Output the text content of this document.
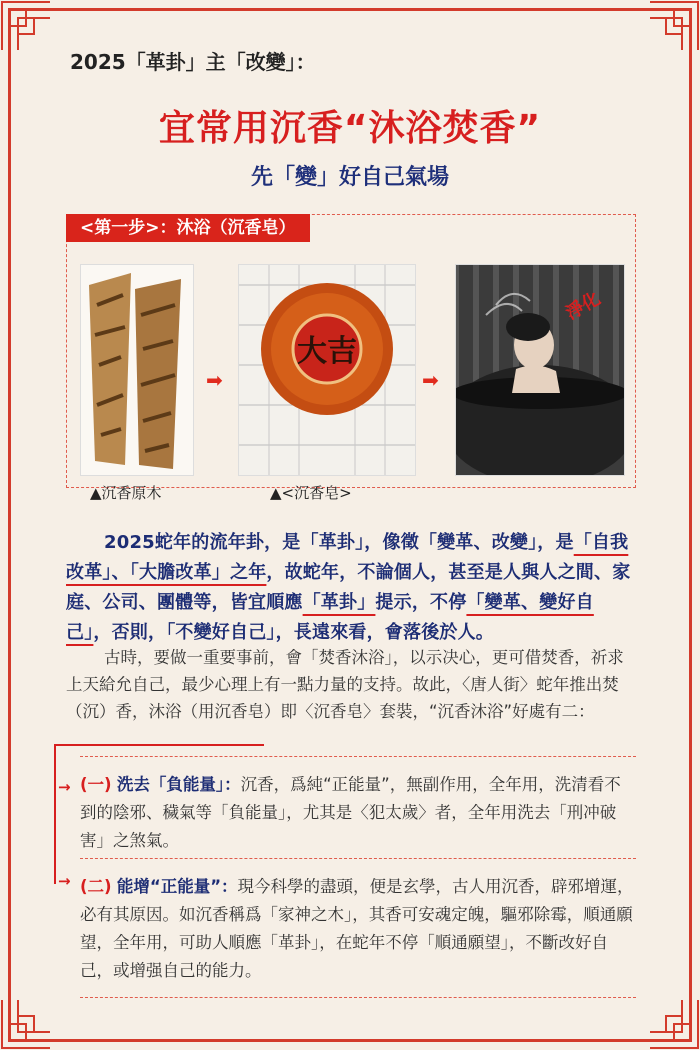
2025「革卦」主「改變」：
宜常用沉香“沐浴焚香”
先「變」好自己氣場
<第一步>：沐浴（沉香皂）
➡
大吉
➡
淨化
▲沉香原木	▲<沉香皂>
2025蛇年的流年卦，是「革卦」，像徵「變革、改變」，是「自我改革」、「大膽改革」之年，故蛇年，不論個人，甚至是人與人之間、家庭、公司、團體等，皆宜順應「革卦」提示，不停「變革、變好自己」，否則，「不變好自己」，長遠來看，會落後於人。
古時，要做一重要事前，會「焚香沐浴」，以示决心，更可借焚香，祈求上天給允自己，最少心理上有一點力量的支持。故此，〈唐人街〉蛇年推出焚（沉）香，沐浴（用沉香皂）即〈沉香皂〉套裝，“沉香沐浴”好處有二：
→
→
(一) 洗去「負能量」：沉香，爲純“正能量”，無副作用，全年用，洗清看不到的陰邪、穢氣等「負能量」，尤其是〈犯太歲〉者，全年用洗去「刑冲破害」之煞氣。
(二) 能增“正能量”：現今科學的盡頭，便是玄學，古人用沉香，辟邪增運，必有其原因。如沉香稱爲「家神之木」，其香可安魂定魄，驅邪除霉，順通願望，全年用，可助人順應「革卦」，在蛇年不停「順通願望」，不斷改好自己，或增强自己的能力。
